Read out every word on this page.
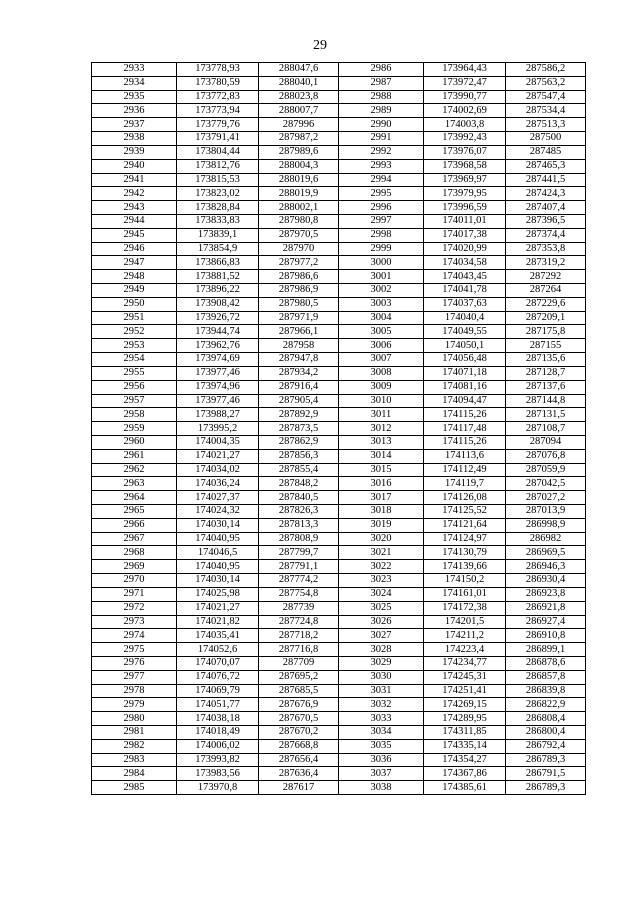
29
2933	173778,93	288047,6	2986	173964,43	287586,2
2934	173780,59	288040,1	2987	173972,47	287563,2
2935	173772,83	288023,8	2988	173990,77	287547,4
2936	173773,94	288007,7	2989	174002,69	287534,4
2937	173779,76	287996	2990	174003,8	287513,3
2938	173791,41	287987,2	2991	173992,43	287500
2939	173804,44	287989,6	2992	173976,07	287485
2940	173812,76	288004,3	2993	173968,58	287465,3
2941	173815,53	288019,6	2994	173969,97	287441,5
2942	173823,02	288019,9	2995	173979,95	287424,3
2943	173828,84	288002,1	2996	173996,59	287407,4
2944	173833,83	287980,8	2997	174011,01	287396,5
2945	173839,1	287970,5	2998	174017,38	287374,4
2946	173854,9	287970	2999	174020,99	287353,8
2947	173866,83	287977,2	3000	174034,58	287319,2
2948	173881,52	287986,6	3001	174043,45	287292
2949	173896,22	287986,9	3002	174041,78	287264
2950	173908,42	287980,5	3003	174037,63	287229,6
2951	173926,72	287971,9	3004	174040,4	287209,1
2952	173944,74	287966,1	3005	174049,55	287175,8
2953	173962,76	287958	3006	174050,1	287155
2954	173974,69	287947,8	3007	174056,48	287135,6
2955	173977,46	287934,2	3008	174071,18	287128,7
2956	173974,96	287916,4	3009	174081,16	287137,6
2957	173977,46	287905,4	3010	174094,47	287144,8
2958	173988,27	287892,9	3011	174115,26	287131,5
2959	173995,2	287873,5	3012	174117,48	287108,7
2960	174004,35	287862,9	3013	174115,26	287094
2961	174021,27	287856,3	3014	174113,6	287076,8
2962	174034,02	287855,4	3015	174112,49	287059,9
2963	174036,24	287848,2	3016	174119,7	287042,5
2964	174027,37	287840,5	3017	174126,08	287027,2
2965	174024,32	287826,3	3018	174125,52	287013,9
2966	174030,14	287813,3	3019	174121,64	286998,9
2967	174040,95	287808,9	3020	174124,97	286982
2968	174046,5	287799,7	3021	174130,79	286969,5
2969	174040,95	287791,1	3022	174139,66	286946,3
2970	174030,14	287774,2	3023	174150,2	286930,4
2971	174025,98	287754,8	3024	174161,01	286923,8
2972	174021,27	287739	3025	174172,38	286921,8
2973	174021,82	287724,8	3026	174201,5	286927,4
2974	174035,41	287718,2	3027	174211,2	286910,8
2975	174052,6	287716,8	3028	174223,4	286899,1
2976	174070,07	287709	3029	174234,77	286878,6
2977	174076,72	287695,2	3030	174245,31	286857,8
2978	174069,79	287685,5	3031	174251,41	286839,8
2979	174051,77	287676,9	3032	174269,15	286822,9
2980	174038,18	287670,5	3033	174289,95	286808,4
2981	174018,49	287670,2	3034	174311,85	286800,4
2982	174006,02	287668,8	3035	174335,14	286792,4
2983	173993,82	287656,4	3036	174354,27	286789,3
2984	173983,56	287636,4	3037	174367,86	286791,5
2985	173970,8	287617	3038	174385,61	286789,3
